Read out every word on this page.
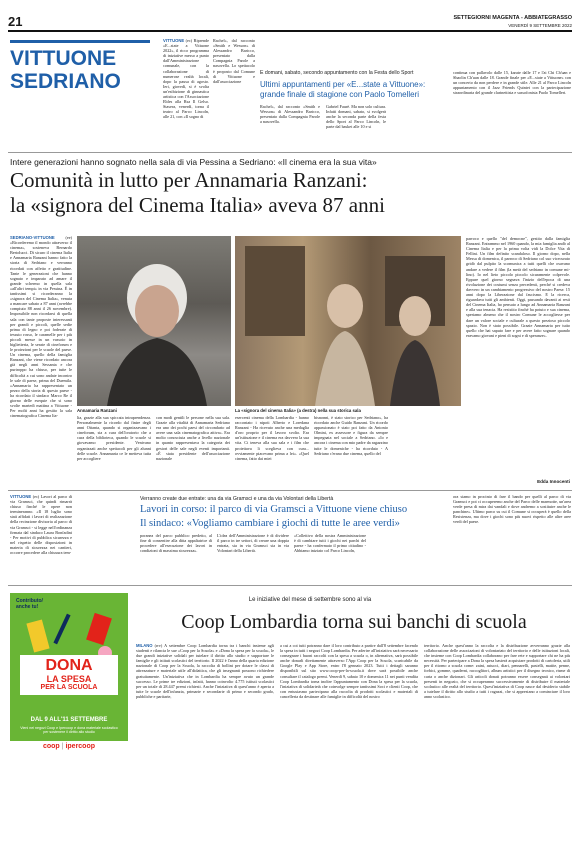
21	SETTEGIORNI MAGENTA - ABBIATEGRASSO
VENERDÌ 9 SETTEMBRE 2022
VITTUONE
SEDRIANO
VITTUONE (ec) Riprende «E...state a Vittuone 2022», il ricco programma di iniziative messo a punto dall'Amministrazione comunale, con la collaborazione di numerose realtà locali, dopo la pausa di agosto. Ieri, giovedì, si è svolta un'esibizione di ginnastica artistica con l'Associazione Ebles alla Rsa Il Gelso. Stasera, venerdì, torna il teatro al Parco Lincoln, alle 21, con «Il sogno di
Rachel», dal racconto «Smith e Wesson» di Alessandro Baricco, presentato dalla Compagnia Parole a nasovella. Lo spettacolo è proposto dal Comune di Vittuone e dall'associazione
E domani, sabato, secondo appuntamento con la Festa dello Sport
Ultimi appuntamenti per «E...state a Vittuone»: grande finale di stagione con Paolo Tomelleri
Rachel», dal racconto «Smith e Wesson» di Alessandro Baricco, presentato dalla Compagnia Parole a nasovella.
Gabriel Faurè. Ma non solo cultura. Infatti domani, sabato, si svolgerà anche la seconda parte della festa dello Sport al Parco Lincoln, le parte dal basket alle 10 e si
continua con pallavolo dalle 15, karate dalle 17 e l'ai Chi Ch'uan e Shaolin Ch'uan dalle 18. Grande finale per «E...state a Vittuone» con un concerto da non perdere e in grande stile. Alle 21 al Parco Lincoln appuntamento con il Jazz Friends Quintet con la partecipazione straordinaria del grande clarinettista e sassofonista Paolo Tomelleri.
Intere generazioni hanno sognato nella sala di via Pessina a Sedriano: «Il cinema era la sua vita»
Comunità in lutto per Annamaria Ranzani:
la «signora del Cinema Italia» aveva 87 anni
SEDRIANO-VITTUONE	(ee) «Ricorderemo il mondo attraverso il cinema», sosteneva Bernardo Bertolucci. Di sicuro il cinema Italia e Annamaria Ranzani hanno fatto la storia di Sedriano e verranno ricordati con affetto e gratitudine. Tante le generazioni che hanno sognato e imparato ad amare il grande schermo in quella sala «all'altri tempi» in via Pessina. È in tantissimi si ricorderanno la «signora del Cinema Italia», venuta a mancare sabato a 87 anni (avrebbe compiuto 88 anni il 26 novembre). Impossibile non ricordarsi di quella sala con tante proposte interessanti per grandi e piccoli, quelle sedie prima di legno e poi foderate di tessuto rosso, le caramelle per i più piccoli messe in un vassoio in biglietteria, le serate di cineforum e le proiezioni per le scuole del paese. Un cinema, quello della famiglia Ranzani, che viene ricordato ancora già negli anni Sessanta e che purtroppo ha chiuso, per tutte le difficoltà a cui sono andate incontro le sale di paese, prima del Duemila. «Annamaria ha rappresentato un pezzo della storia di questo paese - ha ricordato il sindaco Marco Re il giorno delle esequie che si sono svolte martedì mattina a Vittuone - Per molti anni ha gestito la sala cinematografica Cinema Ita-
Annamaria Ranzani	La «signora del cinema Italia» (a destra) nella sua storica sala
lia, grazie alla sua spiccata intraprendenza. Personalmente la ricordo dal finire degli anni Ottanta, quando si organizzavano i cineforum, sia a cura dell'oratorio che a cura della biblioteca, quando le scuole si giovavamo presidente. Venivano organizzati anche spettacoli per gli alunni delle scuole. Annamaria ce le metteva tutta per accogliere
con modi gentili le persone nella sua sala. Grazie alla vitalità di Annamaria Sedriano era uno dei pochi paesi del circondario ad avere una sala cinematografica attiva». Era molto conosciuta anche a livello nazionale in quanto rappresentava la categoria dei gestori delle sale negli eventi importanti. «È stata presidente dell'associazione nazionale
esercenti cinema della Lombardia - hanno raccontato i nipoti Alberto e Loredana Ranzani - Ha ricevuto anche una medaglia d'oro proprio per il lavoro svolto. Era un'istituzione e il cinema era davvero la sua vita. Ci teneva alla sua sala e i film che proiettava li sceglieva con cura... ovviamente piacevano prima a lei». «Quel cinema, fatto dai miei
bisnonni, è stato storico per Sedriano», ha ricordato anche Guido Ranzani. Un ricordo appassionato è stato poi fatto da Antonio Olmini, ex assessore e figura da sempre impegnata nel sociale a Sedriano. «Io e ancora i cinema con mio padre da ragazzino tutte le domeniche - ha ricordato - A Sedriano c'erano due cinema, quello del
parroco e quello "del democne", gestito dalla famiglia Ranzani. Entrammo nel 1960 quando, la mia famiglia andò al Cinema Italia e per la prima volta vidi la Dolce Vita di Fellini. Un film definito scandaloso. Il giorno dopo, nella Messa di domenica, il parroco di Sedriano col suo vicecurato gridò dal pulpito la scomunica a tutti quelli che osavano andare a vedere il film (la metà del sedriano in comune milino). Io nel lieto piccolo piccolo sicuramente colpevole. Eppure quel giorno segnava l'inizio dell'epoca di una rivoluzione dei costumi senza precedenti, perché si credeva davvero in un cambiamento progressivo del nostro Paese. 15 anni dopo la Liberazione dal fascismo. E la ricerca, riguardava tutti gli ambienti. Oggi, passando davanti ai resti del Cinema Italia, ho pensato a lungo ad Annamaria Ranzani e alla sua tenacia. Ha resistito finché ha potuto e sua cinema, speriamo almeno che il nostro Comune le accogliesse per dare un valore sociale e culturale a questo prezioso piccolo spazio. Non è stato possibile. Grazie Annamaria per tutto quello che hai saputo fare e per avere fatto sognare quando eravamo giovani e pieni di sogni e di speranze».
Edda Innocenti
VITTUONE (ec) Lavori al parco di via Gramsci, che quindi rimarrà chiuso finché le opere non termineranno. «Il 18 luglio sono stati affidati i lavori di realizzazione della recinzione divisoria al parco di via Gramsci - si legge nell'ordinanza firmata dal sindaco Laura Bonfadini - Per motivi di pubblica sicurezza e nel rispetto delle disposizioni in materia di sicurezza nei cantieri, occorre procedere alla chiusura tem-
Verranno create due entrate: una da via Gramsci e una da via Volontari della Libertà
Lavori in corso: il parco di via Gramsci a Vittuone viene chiuso
Il sindaco: «Vogliamo cambiare i giochi di tutte le aree verdi»
poranea del parco pubblico predetto, al fine di consentire alla ditta appaltatrice di procedere all'esecuzione dei lavori in condizioni di massima sicurezza».
L'idea dell'Amministrazione è di dividere il parco in tre settori, di creare una doppia entrata, sia in via Gramsci sia in via Volontari della Libertà.
«Collettivo della nostra Amministrazione è di cambiare tutti i giochi nei parchi del paese - ha confermato il primo cittadino - Abbiamo iniziato col Parco Lincoln,
ora siamo in procinto di fare il bando per quelli al parco di via Gramsci e poi ci occuperemo anche del Parco delle marmotte, un'area verde presa di mira dai vandali e dove andremo a sostituire anche le panchine». Ultimo parco su cui il Comune si occuperà è quello della Resistenza, ma dove i giochi sono più nuovi rispetto alle altre aree verdi del paese.
Contributo/
anche tu!
DONA
LA SPESA
PER LA SCUOLA
DAL 9 ALL'11 SETTEMBRE
Vieni nei negozi Coop e Ipercoop e dona materiale scolastico per sostenere il diritto allo studio
coop | ipercoop
Le iniziative del mese di settembre sono al via
Coop Lombardia torna sui banchi di scuola
MILANO (rrv) A settembre Coop Lombardia torna tra i banchi insieme agli studenti e rilancia le sue «Coop per la Scuola» e «Dona la spesa per la scuola», le due grandi iniziative solidali per tutelare il diritto allo studio e supportare le famiglie e gli istituti scolastici del territorio. Il 2022 è l'anno della quarta edizione nazionale di Coop per la Scuola, la raccolta di bollini per dotare le classi di attrezzature e materiale utile all'didattica, che gli insegnanti possono richiedere gratuitamente. Un'iniziativa che in Lombardia ha sempre avuto un grande successo. Le prime tre edizioni, infatti, hanno coinvolto 4.775 istituti scolastici per un totale di 28.447 premi richiesti. Anche l'iniziativa di quest'anno è aperta a tutte le scuole dell'infanzia, primarie e secondarie di primo e secondo grado, pubbliche e paritarie,
a cui a coi tutti potranno dare il loro contributo a partire dall'8 settembre facendo la spesa in tutti i negozi Coop Lombardia. Per aderire all'iniziativa sarà necessario consegnare i buoni raccolti con la spesa a scuola o, in alternativa, sarà possibile anche donarli direttamente attraverso l'App Coop per la Scuola, scaricabile da Google Play e App Store, entro l'8 gennaio 2023. Tutti i dettagli saranno disponibili sul sito www.coop-per-la-scuola.it dove sarà possibile anche consultare il catalogo premi. Venerdì 9, sabato 10 e domenica 11 nei punti vendita Coop Lombardia torna inoltre l'appuntamento con Dona la spesa per la scuola, l'iniziativa di solidarietà che coinvolge sempre tantissimi Soci e clienti Coop, che con entusiasmo partecipano alla raccolta di prodotti scolastici e materiali di cancelleria da destinare alle famiglie in difficoltà del nostro
territorio. Anche quest'anno la raccolta e la distribuzione avverranno grazie alla collaborazione delle associazioni di volontariato del territorio e delle istituzioni locali, che insieme con Coop Lombardia collaborano per fare rete e supportare chi ne ha più necessità. Per partecipare a Dona la spesa basterà acquistare prodotti di cartoleria, utili per il ritorno a scuola come: zaini, astucci, diari, pennarelli, pastelli, matite, penne, forbici, gomme, quaderni, raccoglitori, album artistici per il disegno tecnico, risme di carta o anche dizionari. Gli articoli donati potranno essere consegnati ai volontari presenti in negozio, che si occuperanno successivamente di distribuire il materiale scolastico alle realtà del territorio. Quest'iniziativa di Coop nasce dal desiderio stabile a tutelare il diritto allo studio a tutti i ragazzi, che si apprestano a cominciare il loro anno scolastico.
